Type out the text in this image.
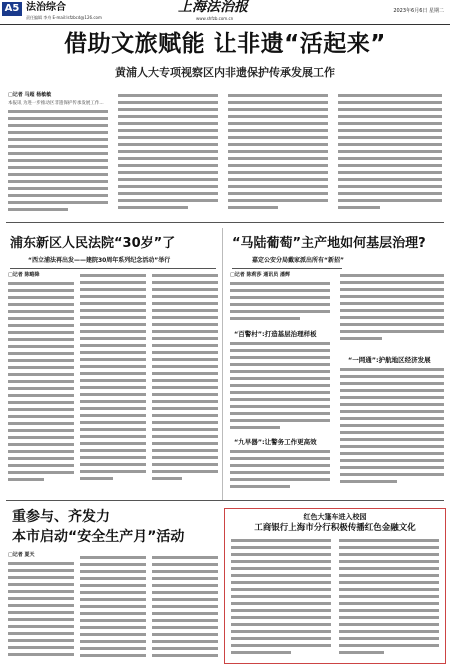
A5 法治综合
责任编辑 李舟 E-mail:lsfzbcd@126.com
上海法治报
www.shfzb.com.cn
2023年6月6日 星期二
借助文旅赋能 让非遗“活起来”
黄浦人大专项视察区内非遗保护传承发展工作
□记者 马超 杨敏敏
本报讯 为进一步推动区非遗保护传承发展工作...
浦东新区人民法院“30岁”了
“西立浦法再出发——建院30周年系列纪念活动”举行
□记者 陈略降
“马陆葡萄”主产地如何基层治理?
嘉定公安分局戴家派出所有“新招”
□记者 陈莉莎 通讯员 潘辉
“百警村”:打造基层治理样板
“九早器”:让警务工作更高效
“一网通”:护航地区经济发展
重参与、齐发力
本市启动“安全生产月”活动
□记者 夏天
红色大篷车进入校园
工商银行上海市分行积极传播红色金融文化
